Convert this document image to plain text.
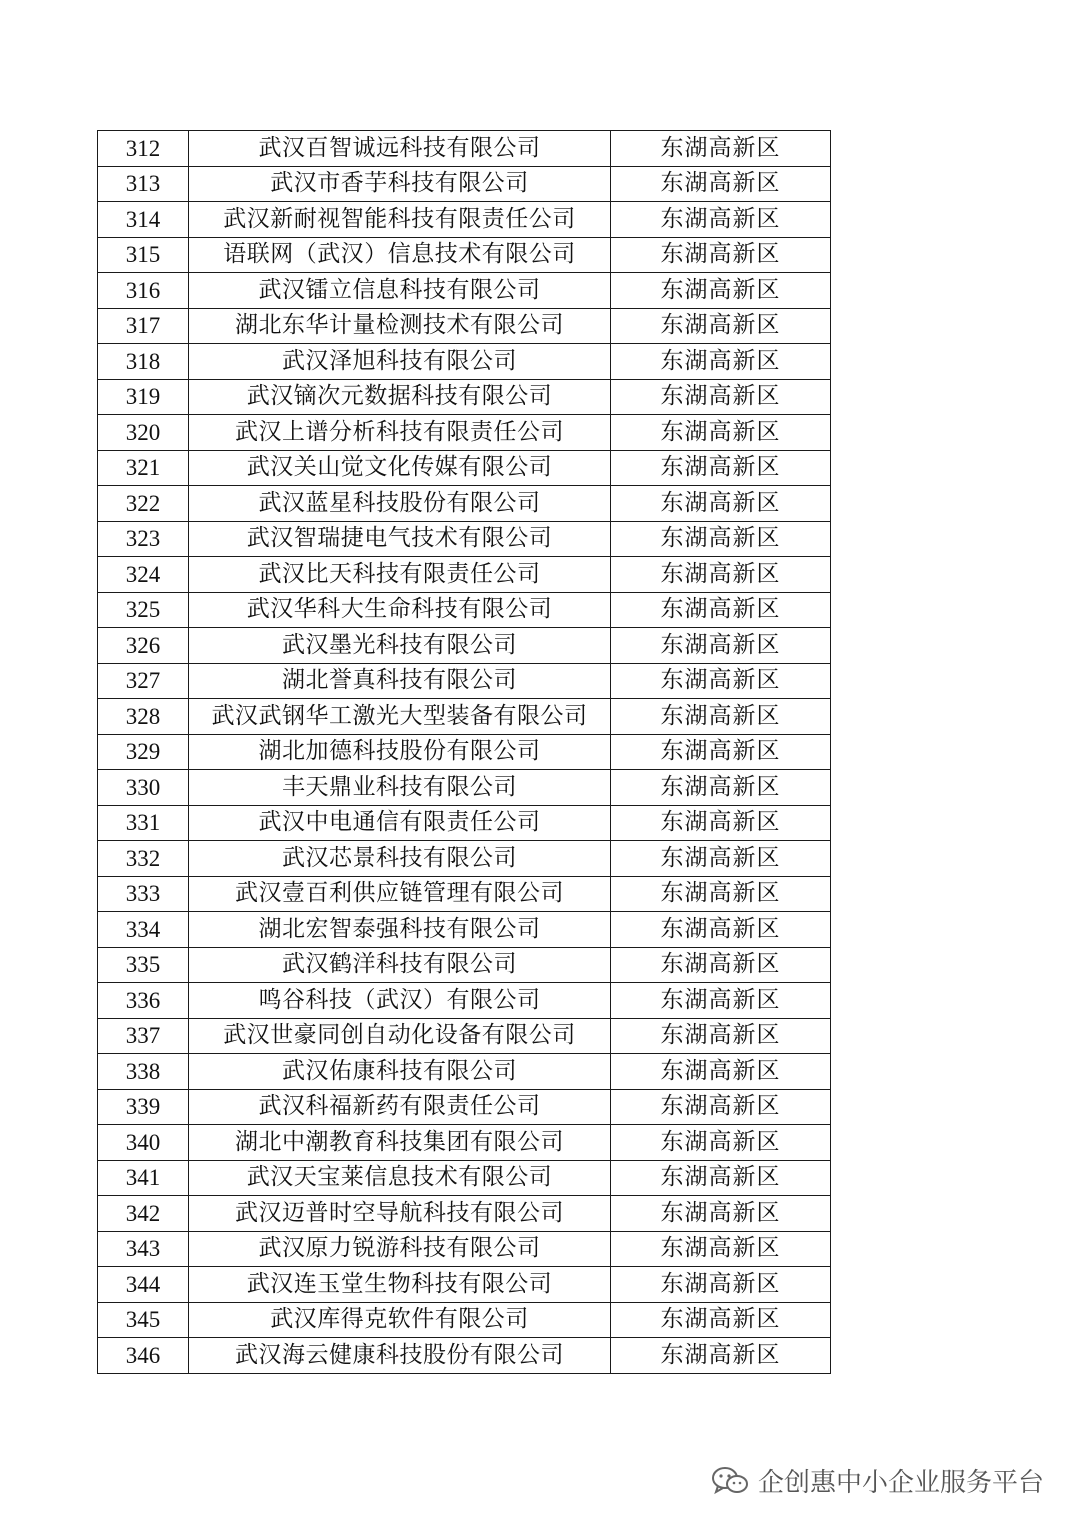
312	武汉百智诚远科技有限公司	东湖高新区
313	武汉市香芋科技有限公司	东湖高新区
314	武汉新耐视智能科技有限责任公司	东湖高新区
315	语联网（武汉）信息技术有限公司	东湖高新区
316	武汉镭立信息科技有限公司	东湖高新区
317	湖北东华计量检测技术有限公司	东湖高新区
318	武汉泽旭科技有限公司	东湖高新区
319	武汉镝次元数据科技有限公司	东湖高新区
320	武汉上谱分析科技有限责任公司	东湖高新区
321	武汉关山觉文化传媒有限公司	东湖高新区
322	武汉蓝星科技股份有限公司	东湖高新区
323	武汉智瑞捷电气技术有限公司	东湖高新区
324	武汉比天科技有限责任公司	东湖高新区
325	武汉华科大生命科技有限公司	东湖高新区
326	武汉墨光科技有限公司	东湖高新区
327	湖北誉真科技有限公司	东湖高新区
328	武汉武钢华工激光大型装备有限公司	东湖高新区
329	湖北加德科技股份有限公司	东湖高新区
330	丰天鼎业科技有限公司	东湖高新区
331	武汉中电通信有限责任公司	东湖高新区
332	武汉芯景科技有限公司	东湖高新区
333	武汉壹百利供应链管理有限公司	东湖高新区
334	湖北宏智泰强科技有限公司	东湖高新区
335	武汉鹤洋科技有限公司	东湖高新区
336	鸣谷科技（武汉）有限公司	东湖高新区
337	武汉世豪同创自动化设备有限公司	东湖高新区
338	武汉佑康科技有限公司	东湖高新区
339	武汉科福新药有限责任公司	东湖高新区
340	湖北中潮教育科技集团有限公司	东湖高新区
341	武汉天宝莱信息技术有限公司	东湖高新区
342	武汉迈普时空导航科技有限公司	东湖高新区
343	武汉原力锐游科技有限公司	东湖高新区
344	武汉连玉堂生物科技有限公司	东湖高新区
345	武汉库得克软件有限公司	东湖高新区
346	武汉海云健康科技股份有限公司	东湖高新区
企创惠中小企业服务平台
